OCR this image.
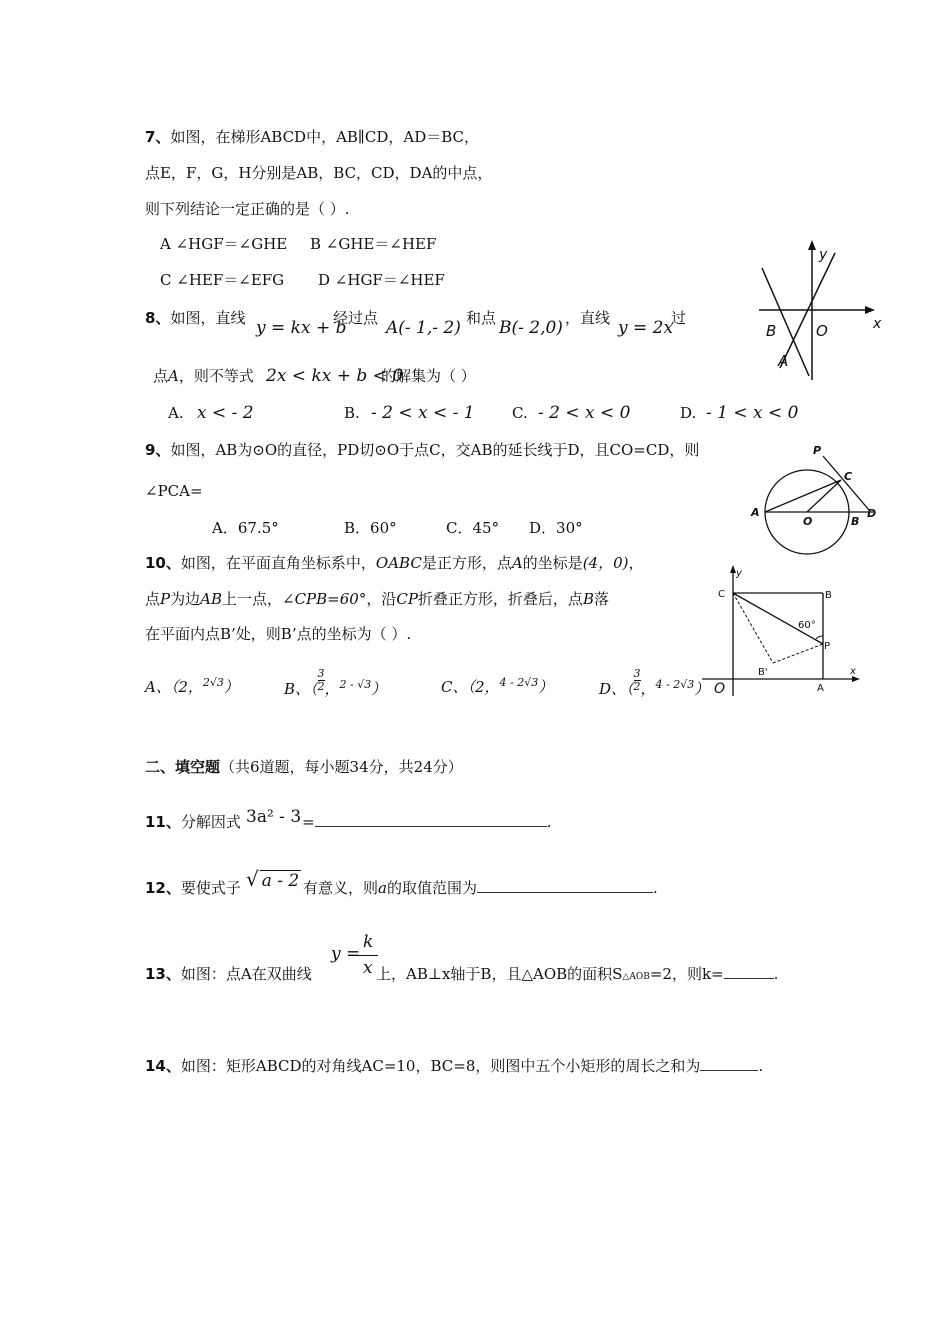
7、如图，在梯形ABCD中，AB∥CD，AD＝BC，
点E，F，G，H分别是AB，BC，CD，DA的中点，
则下列结论一定正确的是（ ）.
A ∠HGF＝∠GHE B ∠GHE＝∠HEF
C ∠HEF＝∠EFG D ∠HGF＝∠HEF
y
x
B	O
A
8、如图，直线 y = kx + b
经过点 A(- 1,- 2) 和点 B(- 2,0) ，直线 y = 2x
过
点A，则不等式 2x < kx + b < 0
的解集为（ ）
A. x < - 2	B. - 2 < x < - 1 C. - 2 < x < 0	D. - 1 < x < 0
9、如图，AB为⊙O的直径，PD切⊙O于点C，交AB的延长线于D，且CO=CD，则
∠PCA=
A．67.5°	B．60°	C．45° D．30°
P
C
A
O	B
D
10、如图，在平面直角坐标系中，OABC是正方形，点A的坐标是(4，0)，
点P为边AB上一点，∠CPB=60°，沿CP折叠正方形，折叠后，点B落
在平面内点B’处，则B’点的坐标为（ ）.
A、（2，$^{2√3}$）	B、（ $\frac{3}{2}$ ，$_{2 - √3}$）	C、（2，$^{4 - 2√3}$）	D、（ $\frac{3}{2}$ ，$_{4 - 2√3}$）
y
x
C	B
60°
P
B'
O	A
二、填空题（共6道题，每小题34分，共24分）
11、分解因式 3a² - 3 =	.
12、要使式子 √ a - 2 有意义，则a的取值范围为	.
13、如图：点A在双曲线
y =
k
x 上，AB⊥x轴于B，且△AOB的面积S△AOB=2，则k=	.
14、如图：矩形ABCD的对角线AC=10，BC=8，则图中五个小矩形的周长之和为	.
